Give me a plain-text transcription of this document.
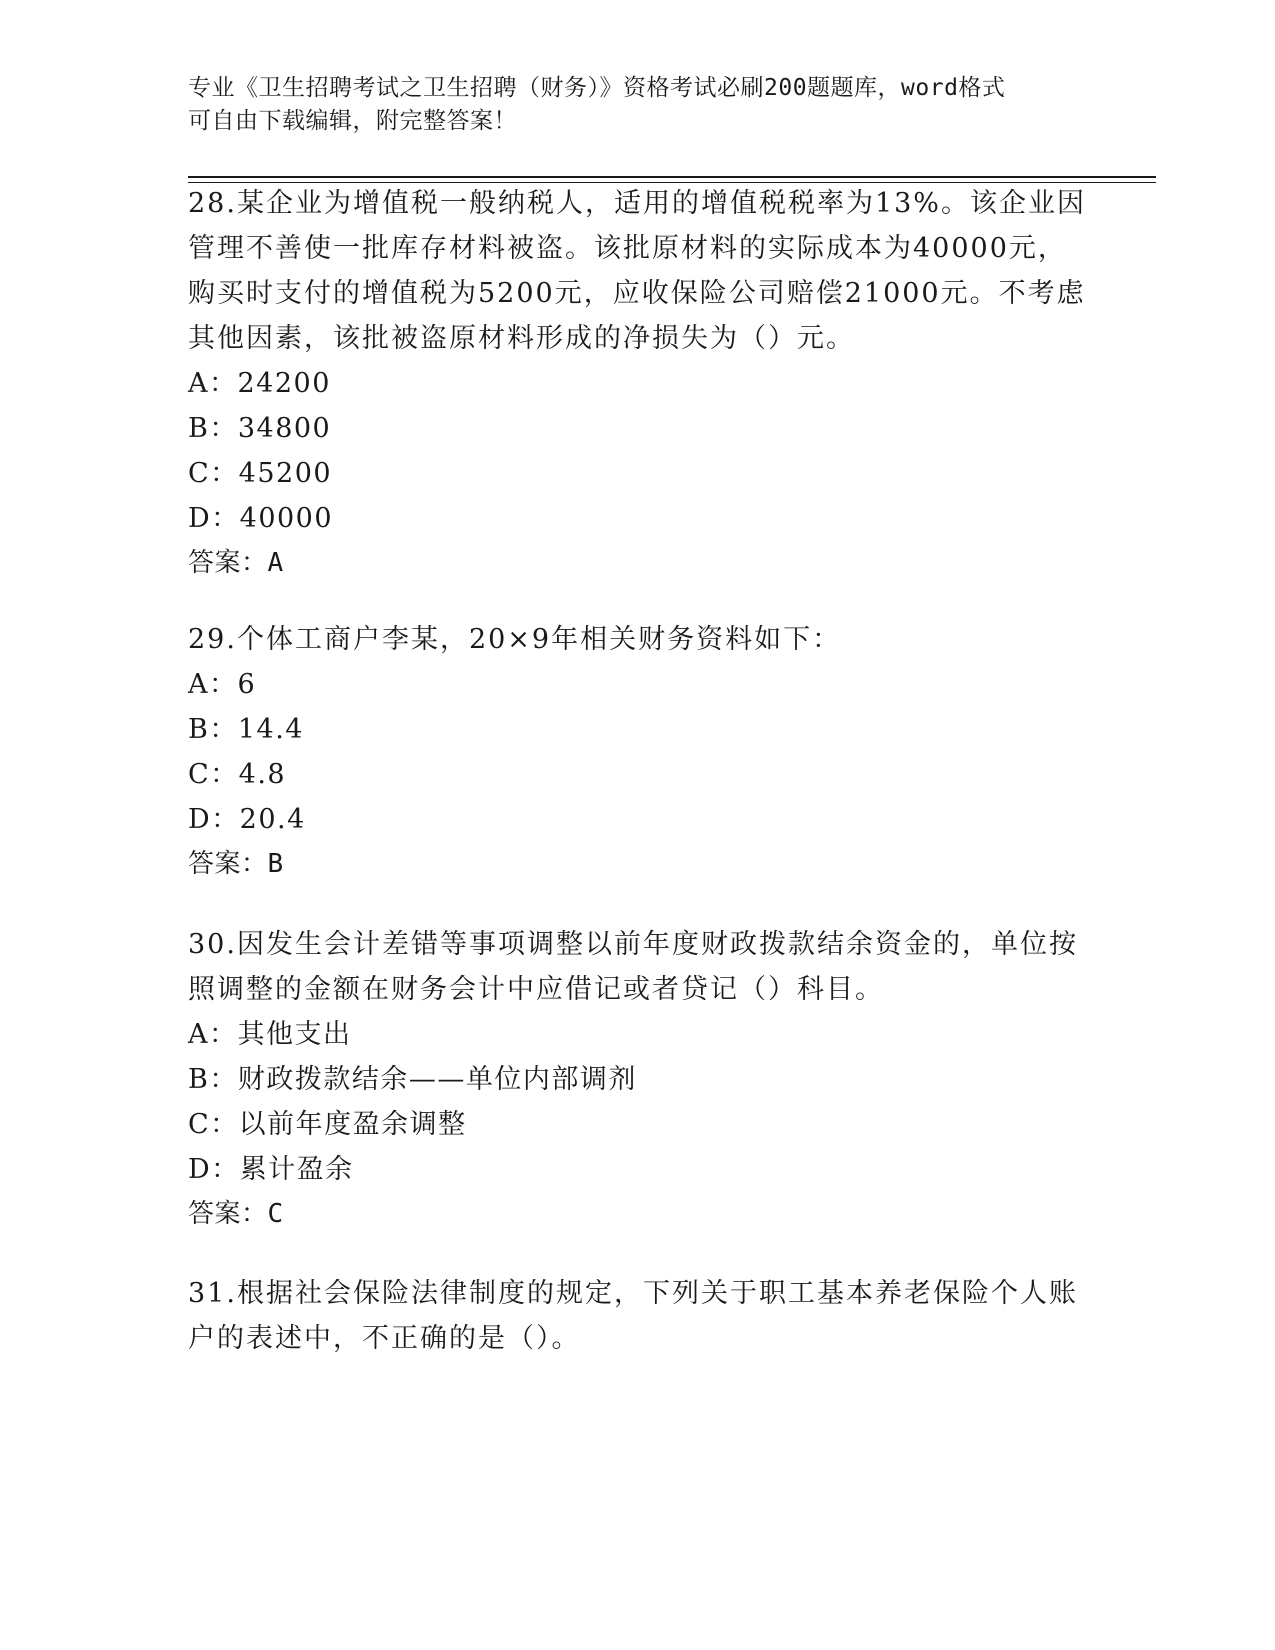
专业《卫生招聘考试之卫生招聘（财务）》资格考试必刷200题题库，word格式
可自由下载编辑，附完整答案！
28.某企业为增值税一般纳税人，适用的增值税税率为13%。该企业因
管理不善使一批库存材料被盗。该批原材料的实际成本为40000元，
购买时支付的增值税为5200元，应收保险公司赔偿21000元。不考虑
其他因素，该批被盗原材料形成的净损失为（）元。
A：24200
B：34800
C：45200
D：40000
答案：A
29.个体工商户李某，20×9年相关财务资料如下：
A：6
B：14.4
C：4.8
D：20.4
答案：B
30.因发生会计差错等事项调整以前年度财政拨款结余资金的，单位按
照调整的金额在财务会计中应借记或者贷记（）科目。
A：其他支出
B：财政拨款结余——单位内部调剂
C：以前年度盈余调整
D：累计盈余
答案：C
31.根据社会保险法律制度的规定，下列关于职工基本养老保险个人账
户的表述中，不正确的是（）。
